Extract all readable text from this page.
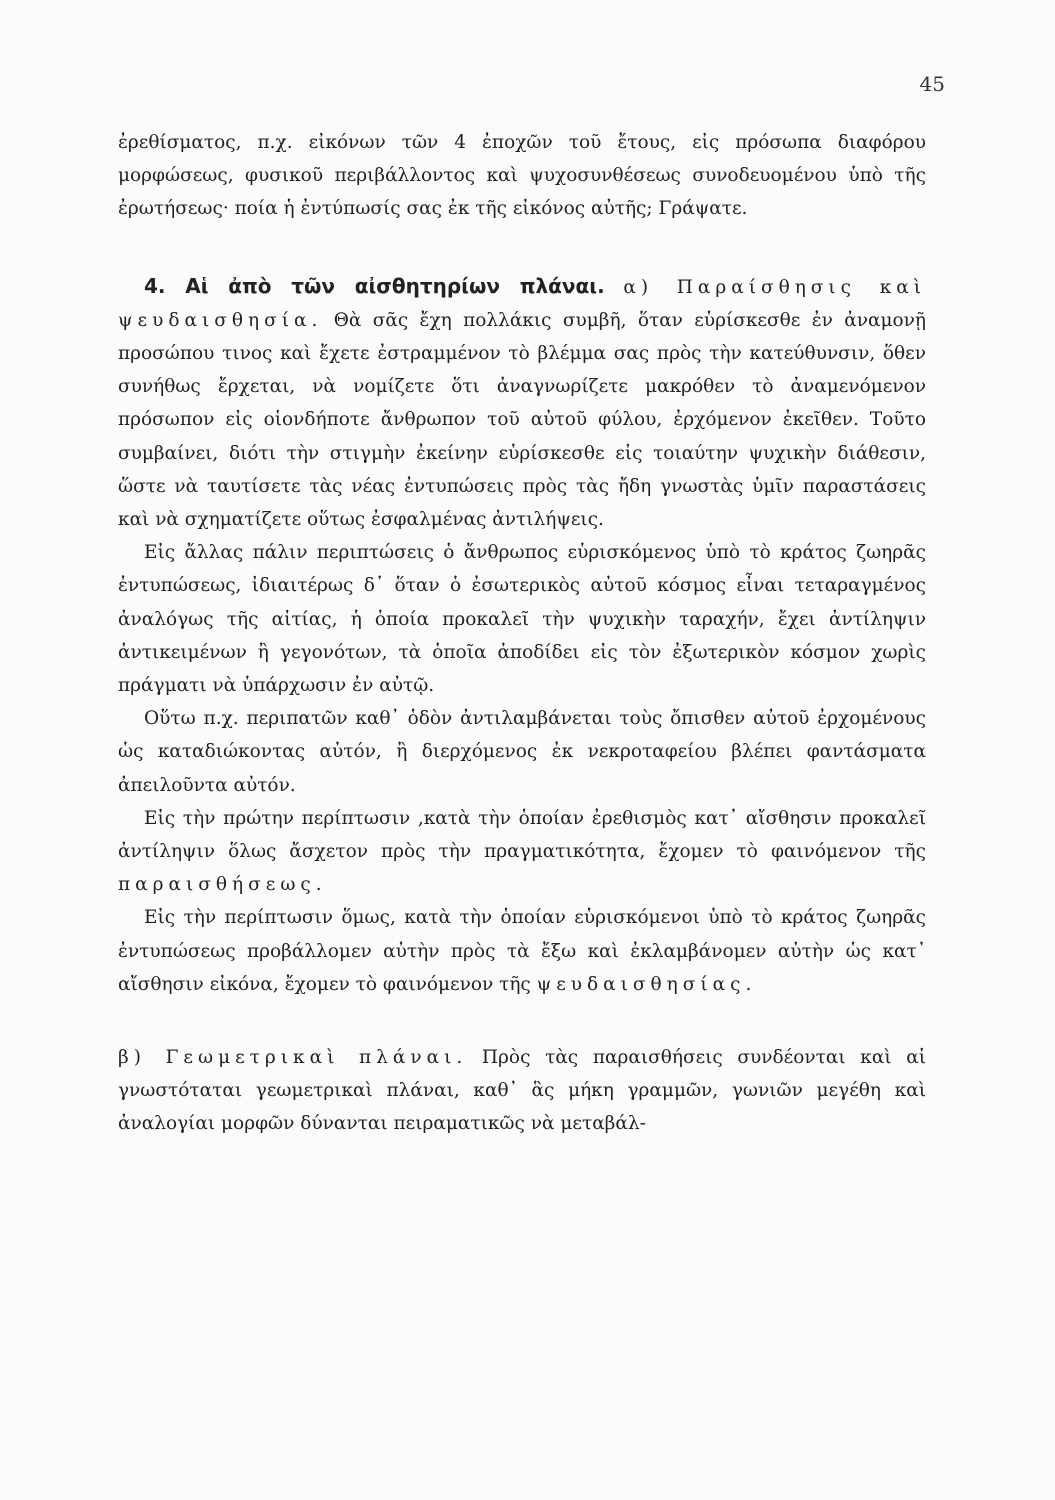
45

ἐρεθίσματος, π.χ. εἰκόνων τῶν 4 ἐποχῶν τοῦ ἔτους, εἰς πρόσωπα διαφόρου μορφώσεως, φυσικοῦ περιβάλλοντος καὶ ψυχοσυνθέσεως συνοδευομένου ὑπὸ τῆς ἐρωτήσεως· ποία ἡ ἐντύπωσίς σας ἐκ τῆς εἰκόνος αὐτῆς; Γράψατε.

4. Αἱ ἀπὸ τῶν αἰσθητηρίων πλάναι. α) Παραίσθησις καὶ ψευδαισθησία. Θὰ σᾶς ἔχη πολλάκις συμβῆ, ὅταν εὑρίσκεσθε ἐν ἀναμονῇ προσώπου τινος καὶ ἔχετε ἐστραμμένον τὸ βλέμμα σας πρὸς τὴν κατεύθυνσιν, ὅθεν συνήθως ἔρχεται, νὰ νομίζετε ὅτι ἀναγνωρίζετε μακρόθεν τὸ ἀναμενόμενον πρόσωπον εἰς οἱονδήποτε ἄνθρωπον τοῦ αὐτοῦ φύλου, ἐρχόμενον ἐκεῖθεν. Τοῦτο συμβαίνει, διότι τὴν στιγμὴν ἐκείνην εὑρίσκεσθε εἰς τοιαύτην ψυχικὴν διάθεσιν, ὥστε νὰ ταυτίσετε τὰς νέας ἐντυπώσεις πρὸς τὰς ἤδη γνωστὰς ὑμῖν παραστάσεις καὶ νὰ σχηματίζετε οὕτως ἐσφαλμένας ἀντιλήψεις.

Εἰς ἄλλας πάλιν περιπτώσεις ὁ ἄνθρωπος εὑρισκόμενος ὑπὸ τὸ κράτος ζωηρᾶς ἐντυπώσεως, ἰδιαιτέρως δ᾽ ὅταν ὁ ἐσωτερικὸς αὐτοῦ κόσμος εἶναι τεταραγμένος ἀναλόγως τῆς αἰτίας, ἡ ὁποία προκαλεῖ τὴν ψυχικὴν ταραχήν, ἔχει ἀντίληψιν ἀντικειμένων ἢ γεγονότων, τὰ ὁποῖα ἀποδίδει εἰς τὸν ἐξωτερικὸν κόσμον χωρὶς πράγματι νὰ ὑπάρχωσιν ἐν αὐτῷ.

Οὕτω π.χ. περιπατῶν καθ᾽ ὁδὸν ἀντιλαμβάνεται τοὺς ὄπισθεν αὐτοῦ ἐρχομένους ὡς καταδιώκοντας αὐτόν, ἢ διερχόμενος ἐκ νεκροταφείου βλέπει φαντάσματα ἀπειλοῦντα αὐτόν.

Εἰς τὴν πρώτην περίπτωσιν ,κατὰ τὴν ὁποίαν ἐρεθισμὸς κατ᾽ αἴσθησιν προκαλεῖ ἀντίληψιν ὅλως ἄσχετον πρὸς τὴν πραγματικότητα, ἔχομεν τὸ φαινόμενον τῆς παραισθήσεως.

Εἰς τὴν περίπτωσιν ὅμως, κατὰ τὴν ὁποίαν εὑρισκόμενοι ὑπὸ τὸ κράτος ζωηρᾶς ἐντυπώσεως προβάλλομεν αὐτὴν πρὸς τὰ ἔξω καὶ ἐκλαμβάνομεν αὐτὴν ὡς κατ᾽ αἴσθησιν εἰκόνα, ἔχομεν τὸ φαινόμενον τῆς ψευδαισθησίας.

β) Γεωμετρικαὶ πλάναι. Πρὸς τὰς παραισθήσεις συνδέονται καὶ αἱ γνωστόταται γεωμετρικαὶ πλάναι, καθ᾽ ἃς μήκη γραμμῶν, γωνιῶν μεγέθη καὶ ἀναλογίαι μορφῶν δύνανται πειραματικῶς νὰ μεταβάλ-
